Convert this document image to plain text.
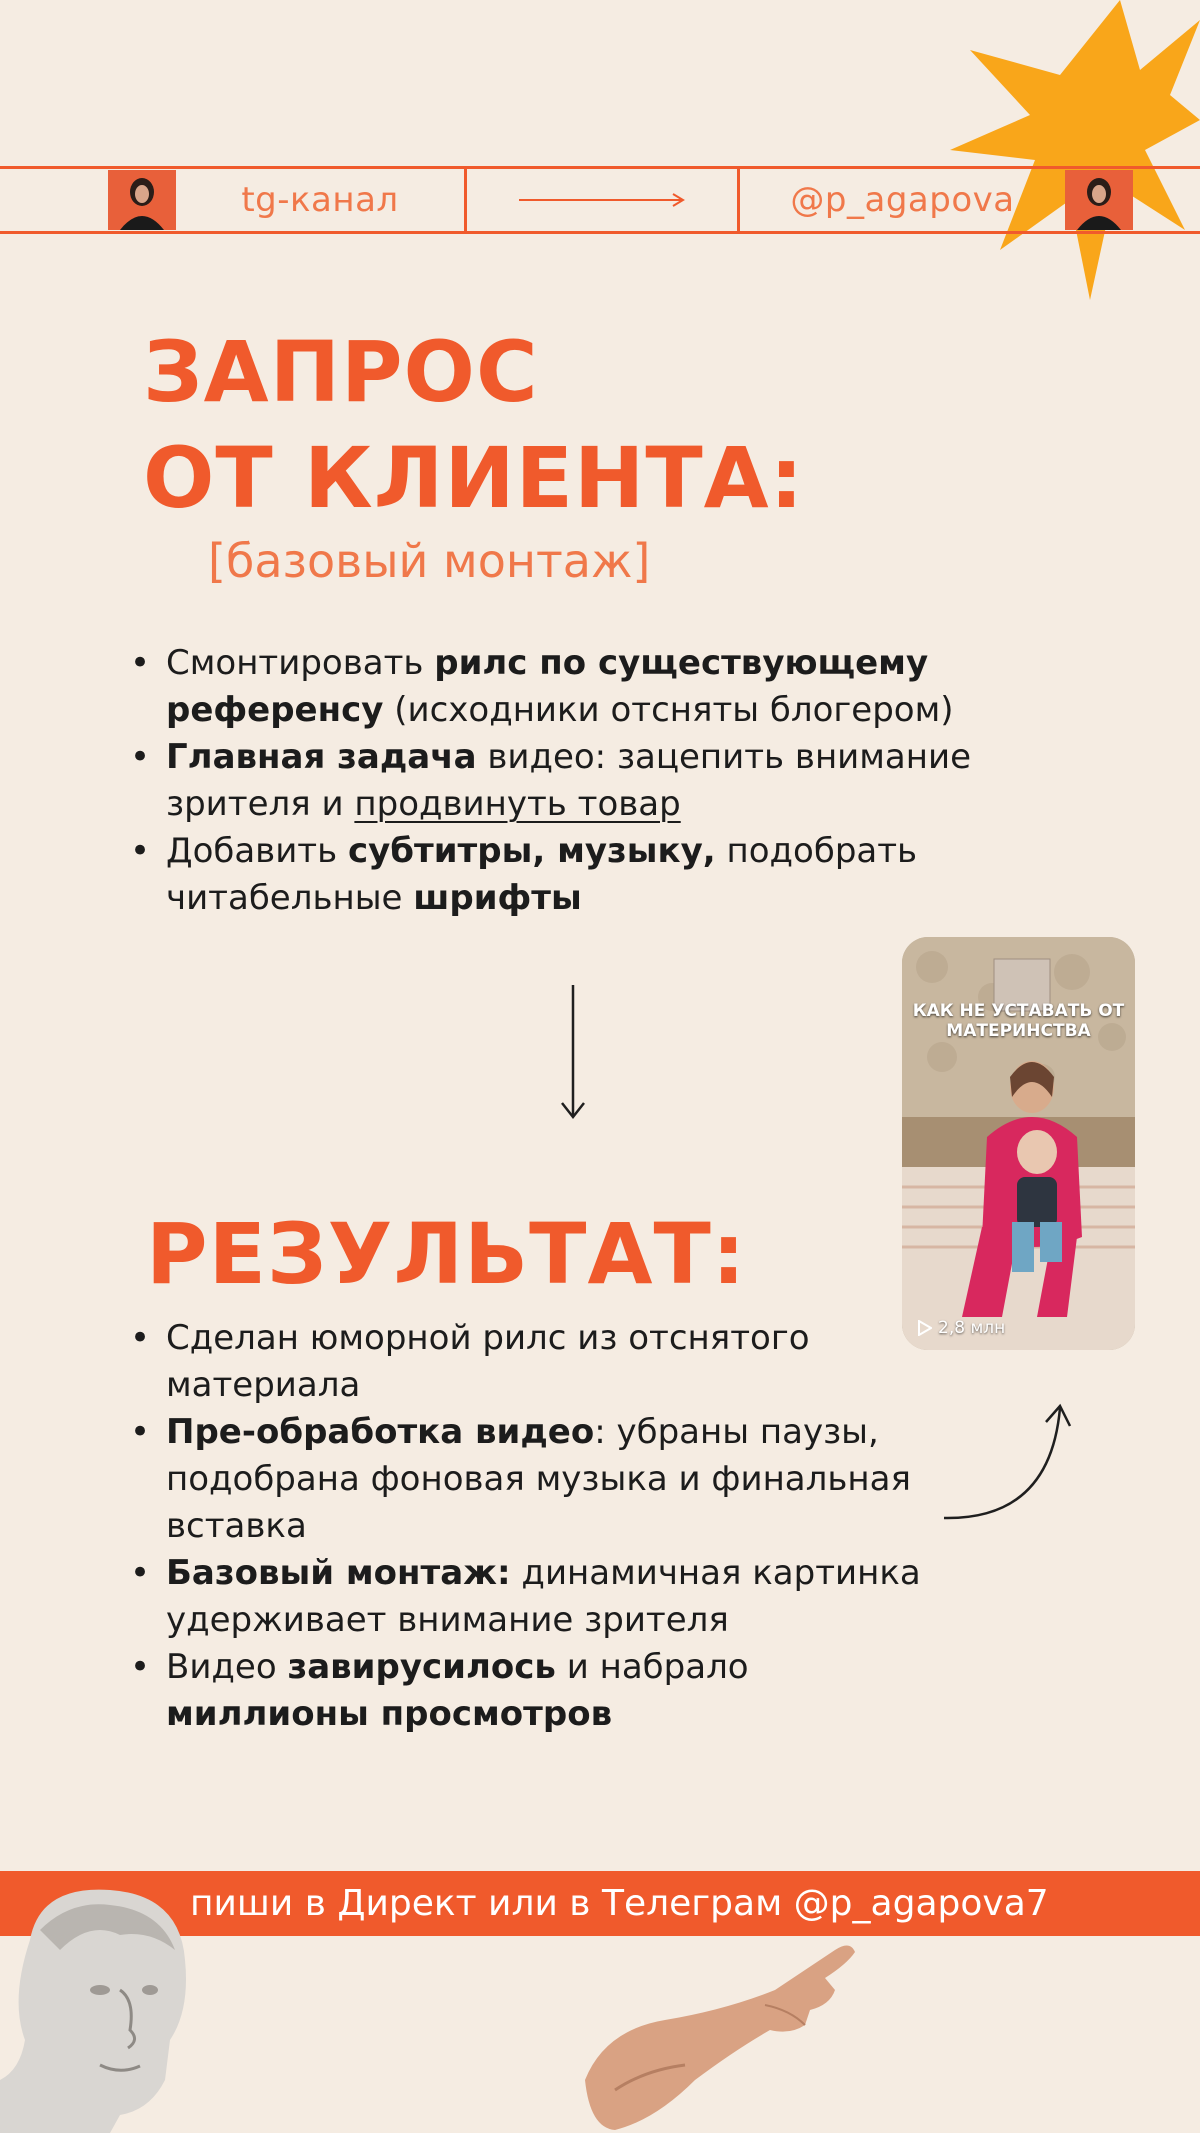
tg-канал	@p_agapova
ЗАПРОС
ОТ КЛИЕНТА:
[базовый монтаж]
• Смонтировать рилс по существующему
референсу (исходники отсняты блогером)
• Главная задача видео: зацепить внимание зрителя и продвинуть товар
• Добавить субтитры, музыку, подобрать читабельные шрифты
КАК НЕ УСТАВАТЬ ОТ МАТЕРИНСТВА
2,8 млн
РЕЗУЛЬТАТ:
• Сделан юморной рилс из отснятого материала
• Пре-обработка видео: убраны паузы, подобрана фоновая музыка и финальная вставка
• Базовый монтаж: динамичная картинка удерживает внимание зрителя
• Видео завирусилось и набрало миллионы просмотров
пиши в Директ или в Телеграм @p_agapova7
